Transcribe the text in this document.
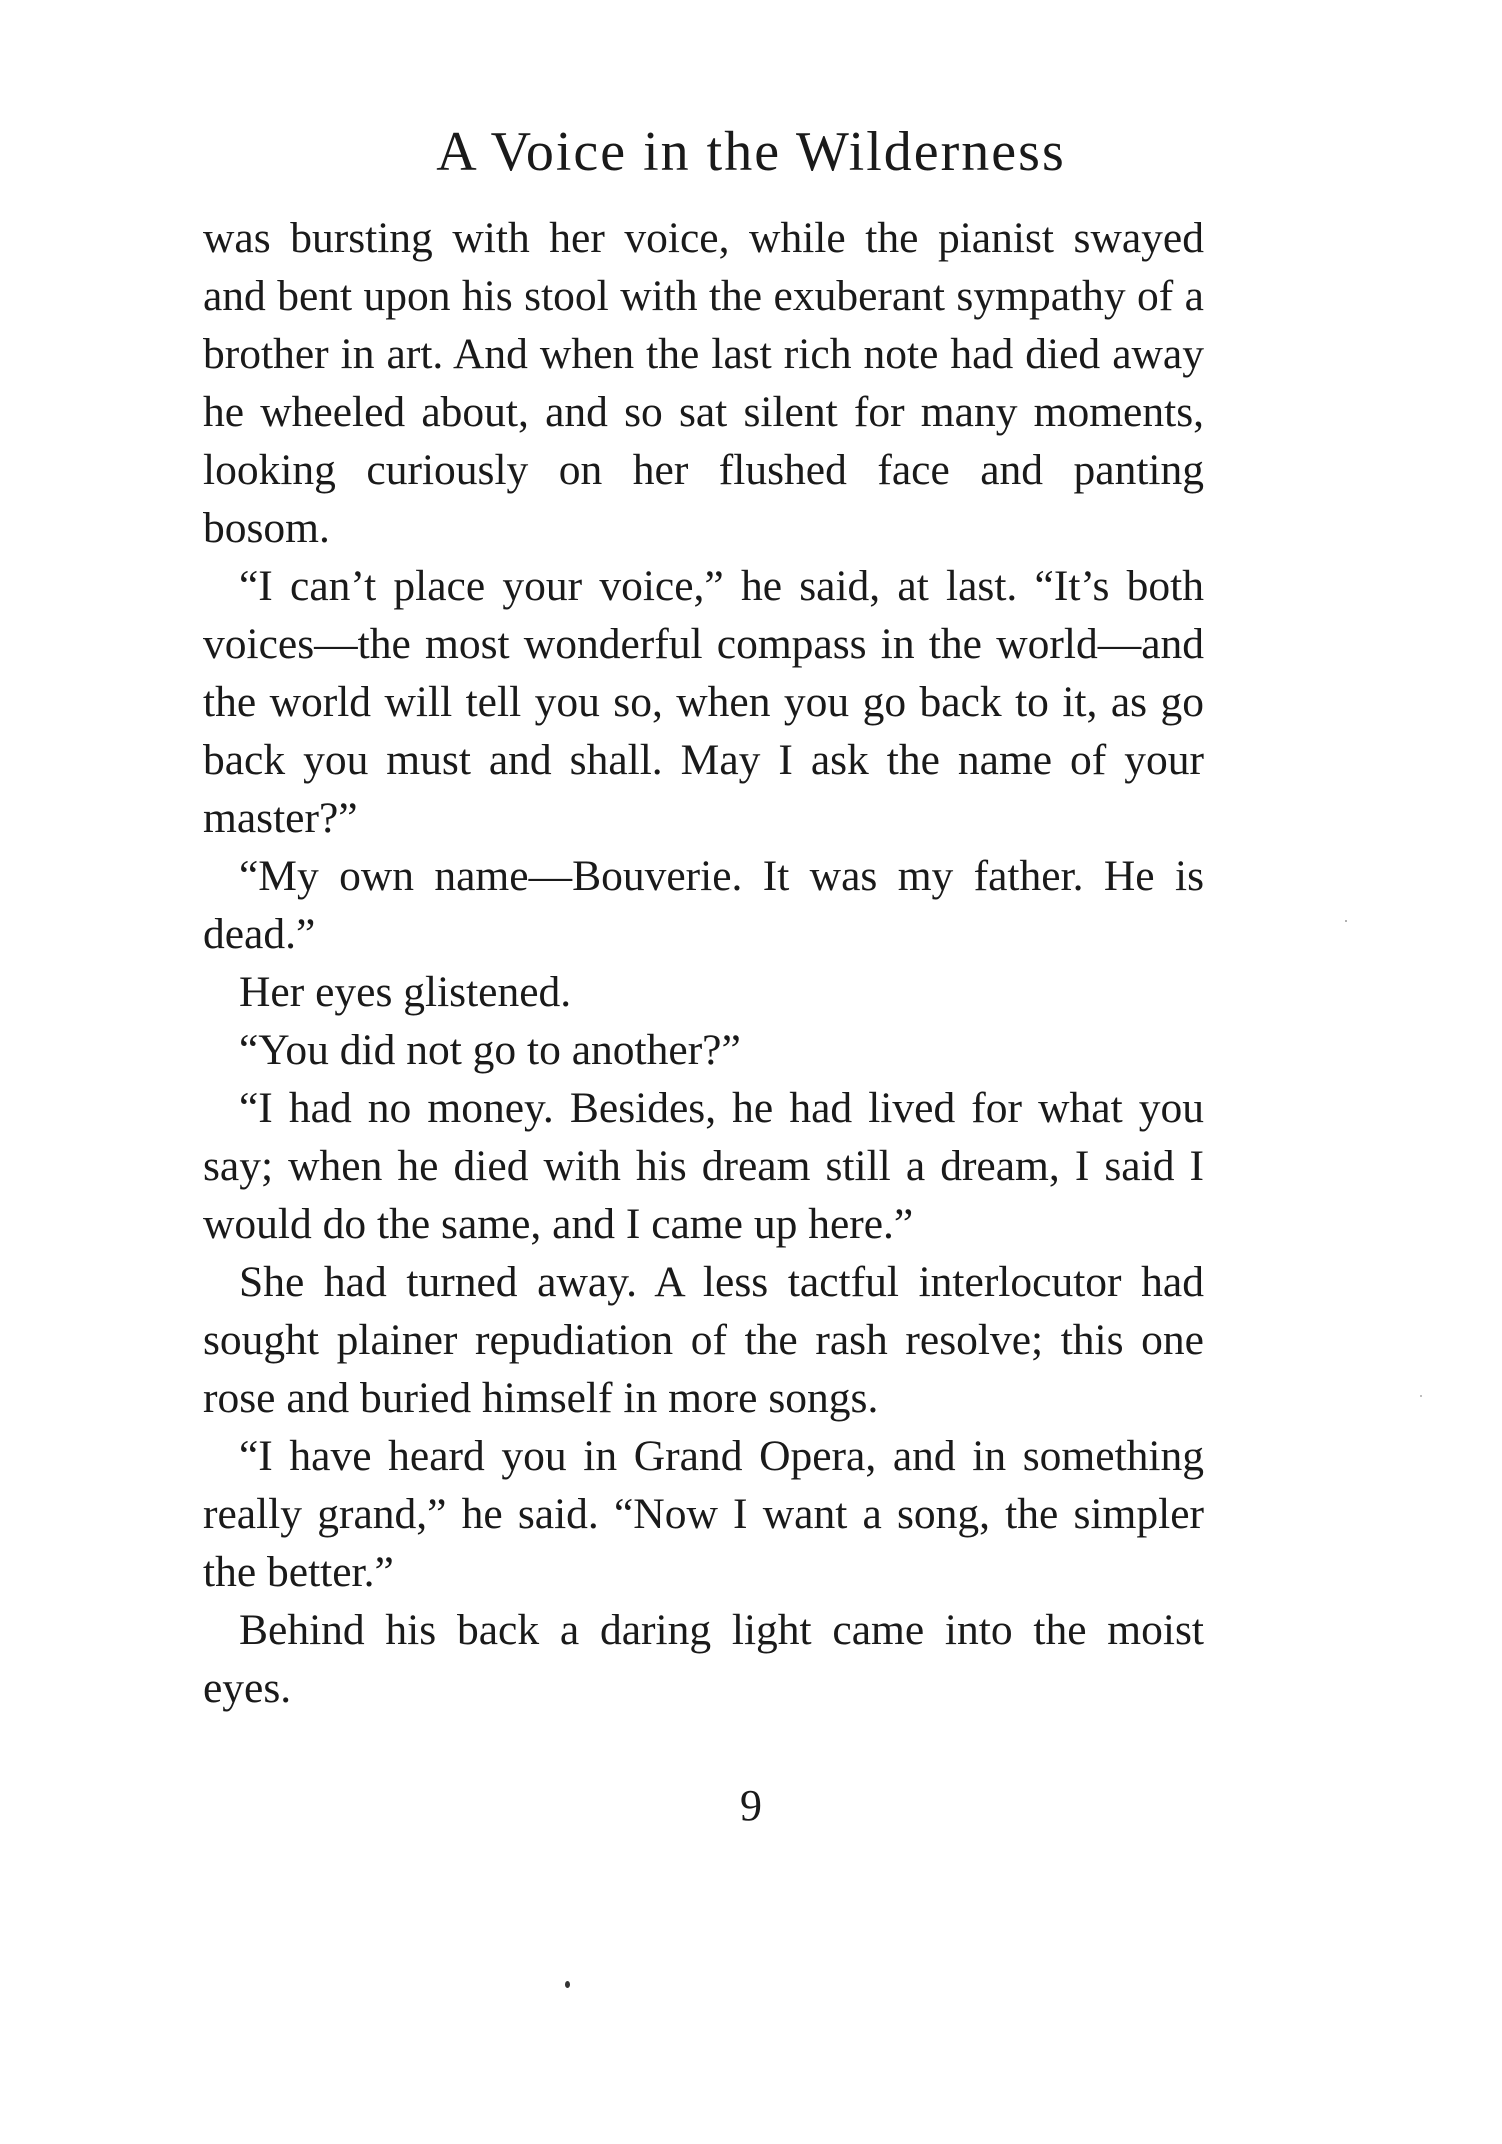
A Voice in the Wilderness

was bursting with her voice, while the pianist swayed and bent upon his stool with the exuberant sympathy of a brother in art. And when the last rich note had died away he wheeled about, and so sat silent for many moments, looking curiously on her flushed face and panting bosom.

“I can’t place your voice,” he said, at last. “It’s both voices—the most wonderful compass in the world—and the world will tell you so, when you go back to it, as go back you must and shall. May I ask the name of your master?”

“My own name—Bouverie. It was my father. He is dead.”

Her eyes glistened.

“You did not go to another?”

“I had no money. Besides, he had lived for what you say; when he died with his dream still a dream, I said I would do the same, and I came up here.”

She had turned away. A less tactful interlocutor had sought plainer repudiation of the rash resolve; this one rose and buried himself in more songs.

“I have heard you in Grand Opera, and in something really grand,” he said. “Now I want a song, the simpler the better.”

Behind his back a daring light came into the moist eyes.

9
